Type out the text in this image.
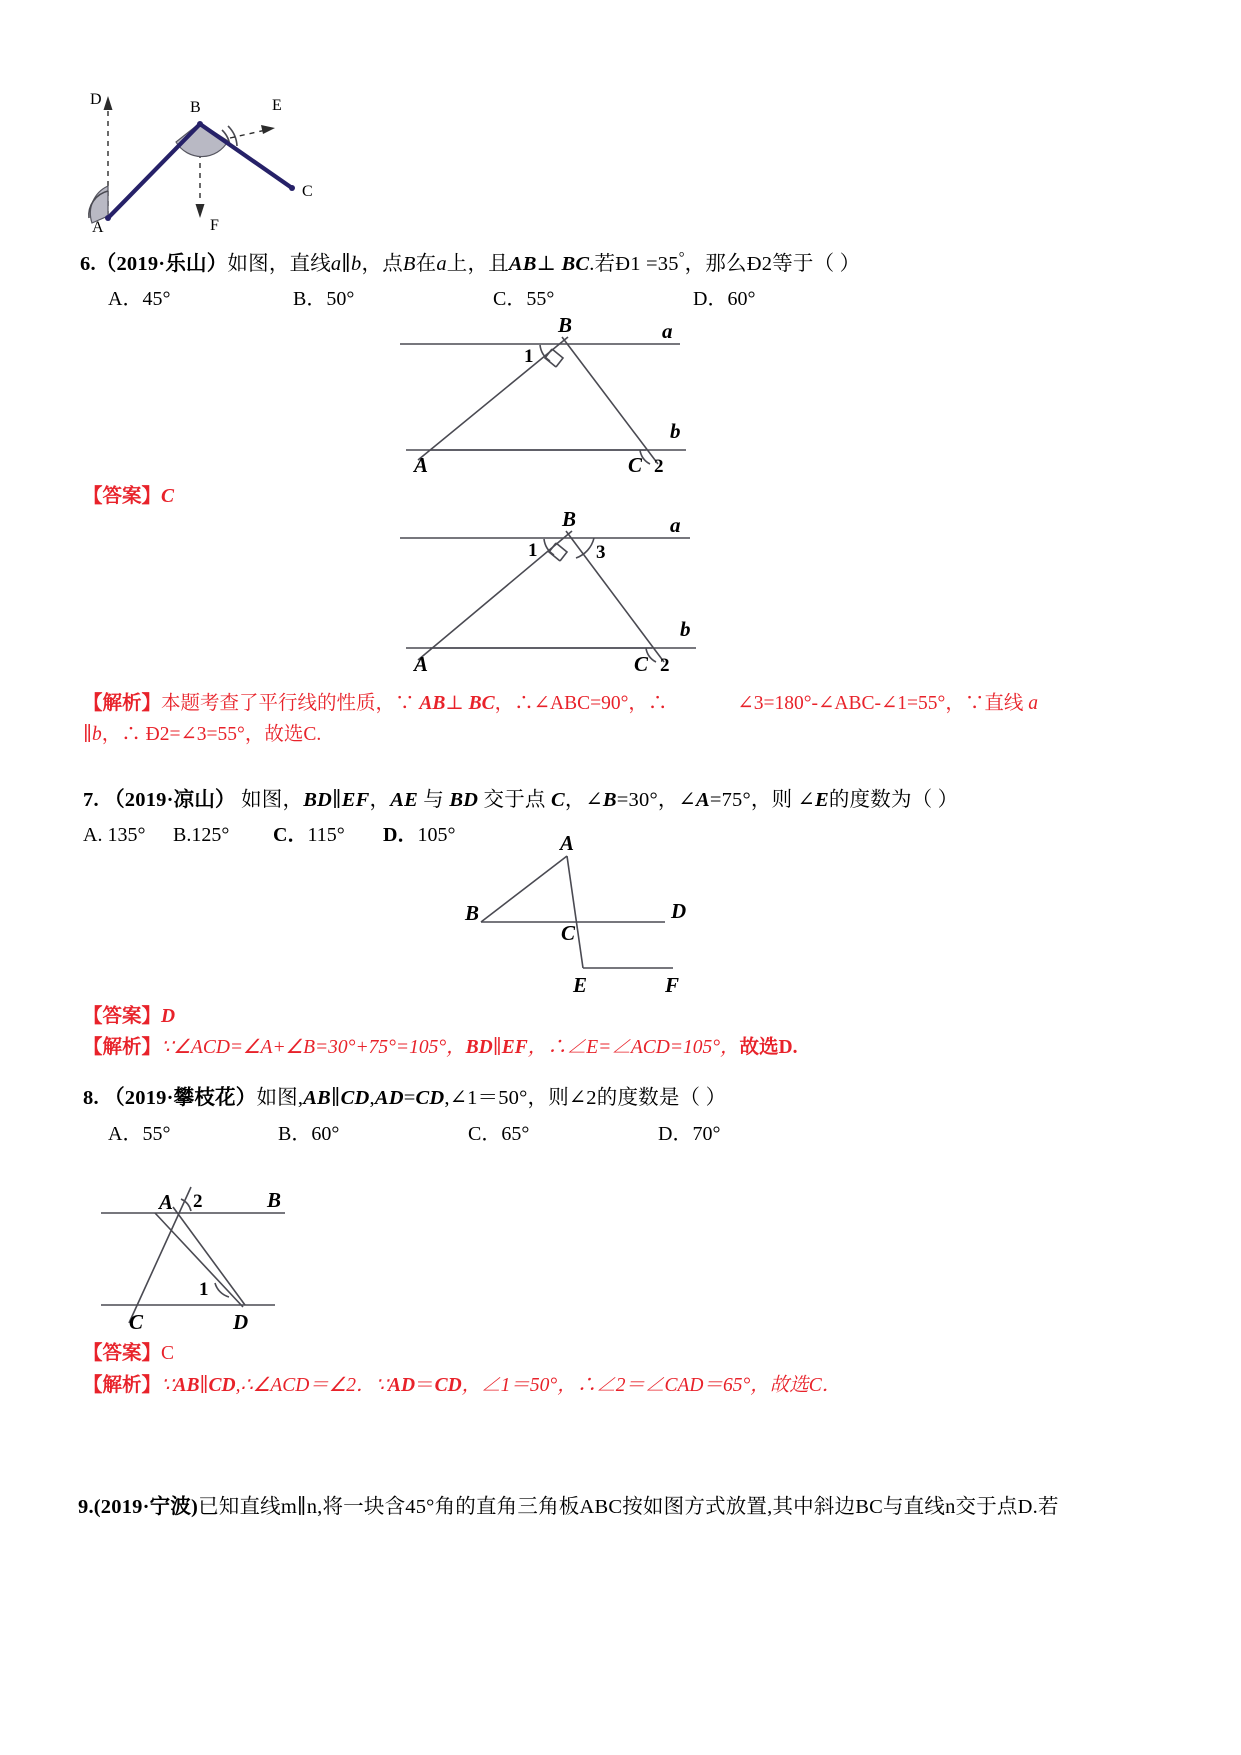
D	B	E
C
A	F
6.（2019·乐山）如图，直线a∥b，点B在a上，且AB⊥ BC.若Ð1 =35°，那么Ð2等于（ ）
A．45°	B．50°	C．55°	D．60°
B	a
b
A	C
1
2
【答案】C
B	a
b
A	C
1	3
2
【解析】本题考查了平行线的性质，∵ AB⊥ BC，∴∠ABC=90°，∴	∠3=180°-∠ABC-∠1=55°，∵直线 a
∥b，∴ Ð2=∠3=55°，故选C.
7. （2019·凉山） 如图，BD∥EF，AE 与 BD 交于点 C，∠B=30°，∠A=75°，则 ∠E的度数为（ ）
A. 135° B.125° C．115° D．105°	A
B
C
D
E	F
【答案】D
【解析】∵∠ACD=∠A+∠B=30°+75°=105°，BD∥EF，∴∠E=∠ACD=105°，故选D.
8. （2019·攀枝花）如图,AB∥CD,AD=CD,∠1＝50°，则∠2的度数是（ ）
A．55°	B．60°	C．65°	D．70°
A	B
C	D
1
2
【答案】C
【解析】∵AB∥CD,∴∠ACD＝∠2．∵AD＝CD，∠1＝50°，∴∠2＝∠CAD＝65°，故选C．
9.(2019·宁波)已知直线m∥n,将一块含45°角的直角三角板ABC按如图方式放置,其中斜边BC与直线n交于点D.若
